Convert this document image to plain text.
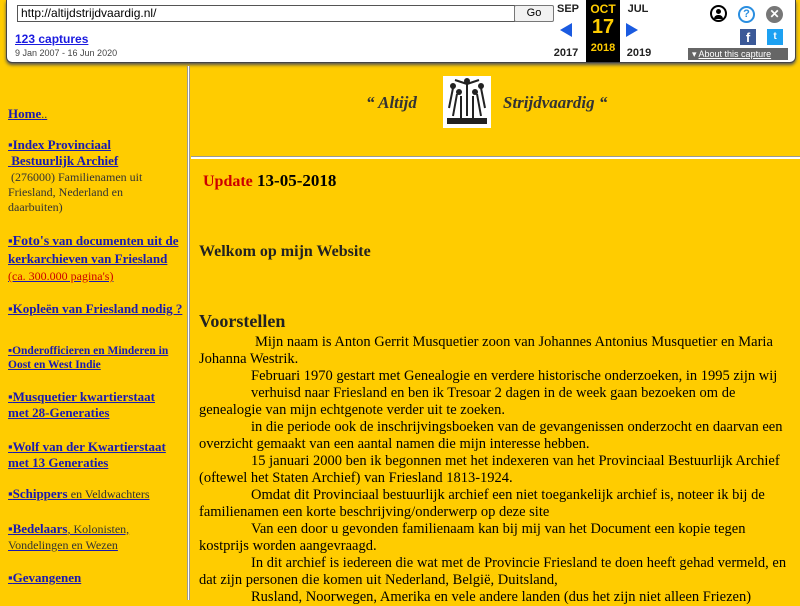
http://altijdstrijdvaardig.nl/	Go
123 captures
9 Jan 2007 - 16 Jun 2020
SEP
2017
OCT
17
2018
JUL
2019
?	✕
f	t
▾ About this capture
Home..
▪Index Provinciaal
Bestuurlijk Archief
(276000) Familienamen uit Friesland, Nederland en daarbuiten)
▪Foto's van documenten uit de kerkarchieven van Friesland (ca. 300.000 pagina's)
▪Kopleën van Friesland nodig ?
▪Onderofficieren en Minderen in Oost en West Indie
▪Musquetier kwartierstaat met 28-Generaties
▪Wolf van der Kwartierstaat met 13 Generaties
▪Schippers en Veldwachters
▪Bedelaars, Kolonisten, Vondelingen en Wezen
▪Gevangenen
“ Altijd	Strijdvaardig “
Update 13-05-2018
Welkom op mijn Website
Voorstellen
Mijn naam is Anton Gerrit Musquetier zoon van Johannes Antonius Musquetier en Maria Johanna Westrik.
Februari 1970 gestart met Genealogie en verdere historische onderzoeken, in 1995 zijn wij
verhuisd naar Friesland en ben ik Tresoar 2 dagen in de week gaan bezoeken om de genealogie van mijn echtgenote verder uit te zoeken.
in die periode ook de inschrijvingsboeken van de gevangenissen onderzocht en daarvan een overzicht gemaakt van een aantal namen die mijn interesse hebben.
15 januari 2000 ben ik begonnen met het indexeren van het Provinciaal Bestuurlijk Archief (oftewel het Staten Archief) van Friesland 1813-1924.
Omdat dit Provinciaal bestuurlijk archief een niet toegankelijk archief is, noteer ik bij de familienamen een korte beschrijving/onderwerp op deze site
Van een door u gevonden familienaam kan bij mij van het Document een kopie tegen kostprijs worden aangevraagd.
In dit archief is iedereen die wat met de Provincie Friesland te doen heeft gehad vermeld, en dat zijn personen die komen uit Nederland, België, Duitsland,
Rusland, Noorwegen, Amerika en vele andere landen (dus het zijn niet alleen Friezen)
